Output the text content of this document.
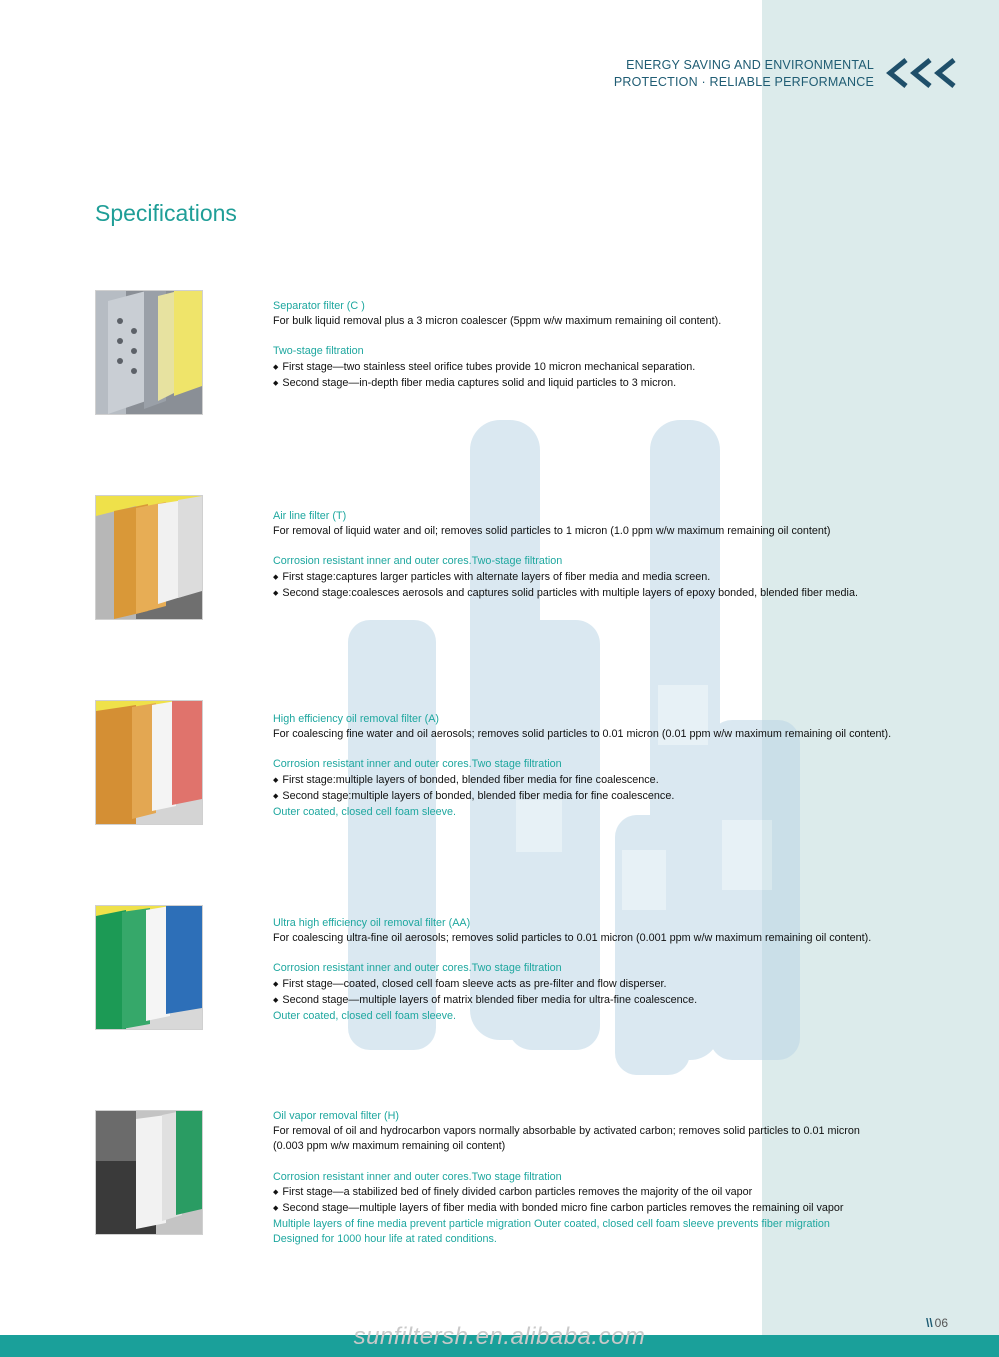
ENERGY SAVING AND ENVIRONMENTAL
PROTECTION · RELIABLE PERFORMANCE
Specifications
Separator filter (C )
For bulk liquid removal plus a 3 micron coalescer (5ppm w/w maximum remaining oil content).
Two-stage filtration
◆ First stage—two stainless steel orifice tubes provide 10 micron mechanical separation.
◆ Second stage—in-depth fiber media captures solid and liquid particles to 3 micron.
Air line filter (T)
For removal of liquid water and oil; removes solid particles to 1 micron (1.0 ppm w/w maximum remaining oil content)
Corrosion resistant inner and outer cores.Two-stage filtration
◆ First stage:captures larger particles with alternate layers of fiber media and media screen.
◆ Second stage:coalesces aerosols and captures solid particles with multiple layers of epoxy bonded, blended fiber media.
High efficiency oil removal filter (A)
For coalescing fine water and oil aerosols; removes solid particles to 0.01 micron (0.01 ppm w/w maximum remaining oil content).
Corrosion resistant inner and outer cores.Two stage filtration
◆ First stage:multiple layers of bonded, blended fiber media for fine coalescence.
◆ Second stage:multiple layers of bonded, blended fiber media for fine coalescence.
Outer coated, closed cell foam sleeve.
Ultra high efficiency oil removal filter (AA)
For coalescing ultra-fine oil aerosols; removes solid particles to 0.01 micron (0.001 ppm w/w maximum remaining oil content).
Corrosion resistant inner and outer cores.Two stage filtration
◆ First stage—coated, closed cell foam sleeve acts as pre-filter and flow disperser.
◆ Second stage—multiple layers of matrix blended fiber media for ultra-fine coalescence.
Outer coated, closed cell foam sleeve.
Oil vapor removal filter (H)
For removal of oil and hydrocarbon vapors normally absorbable by activated carbon; removes solid particles to 0.01 micron
(0.003 ppm w/w maximum remaining oil content)
Corrosion resistant inner and outer cores.Two stage filtration
◆ First stage—a stabilized bed of finely divided carbon particles removes the majority of the oil vapor
◆ Second stage—multiple layers of fiber media with bonded micro fine carbon particles removes the remaining oil vapor
Multiple layers of fine media prevent particle migration Outer coated, closed cell foam sleeve prevents fiber migration
Designed for 1000 hour life at rated conditions.
\\ 06
sunfiltersh.en.alibaba.com
